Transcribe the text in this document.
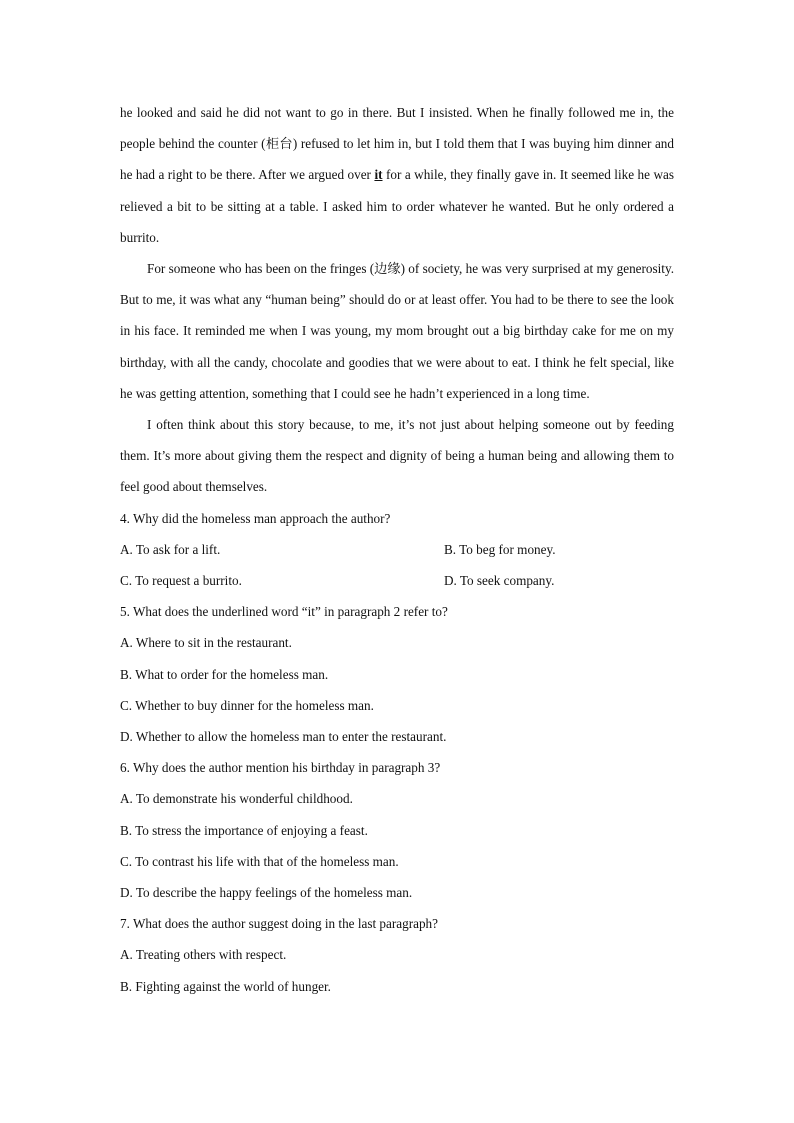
he looked and said he did not want to go in there. But I insisted. When he finally followed me in, the people behind the counter (柜台) refused to let him in, but I told them that I was buying him dinner and he had a right to be there. After we argued over it for a while, they finally gave in. It seemed like he was relieved a bit to be sitting at a table. I asked him to order whatever he wanted. But he only ordered a burrito.

For someone who has been on the fringes (边缘) of society, he was very surprised at my generosity. But to me, it was what any “human being” should do or at least offer. You had to be there to see the look in his face. It reminded me when I was young, my mom brought out a big birthday cake for me on my birthday, with all the candy, chocolate and goodies that we were about to eat. I think he felt special, like he was getting attention, something that I could see he hadn’t experienced in a long time.

I often think about this story because, to me, it’s not just about helping someone out by feeding them. It’s more about giving them the respect and dignity of being a human being and allowing them to feel good about themselves.

4. Why did the homeless man approach the author?

A. To ask for a lift.	B. To beg for money.
C. To request a burrito.	D. To seek company.

5. What does the underlined word “it” in paragraph 2 refer to?

A. Where to sit in the restaurant.

B. What to order for the homeless man.

C. Whether to buy dinner for the homeless man.

D. Whether to allow the homeless man to enter the restaurant.

6. Why does the author mention his birthday in paragraph 3?

A. To demonstrate his wonderful childhood.

B. To stress the importance of enjoying a feast.

C. To contrast his life with that of the homeless man.

D. To describe the happy feelings of the homeless man.

7. What does the author suggest doing in the last paragraph?

A. Treating others with respect.

B. Fighting against the world of hunger.
